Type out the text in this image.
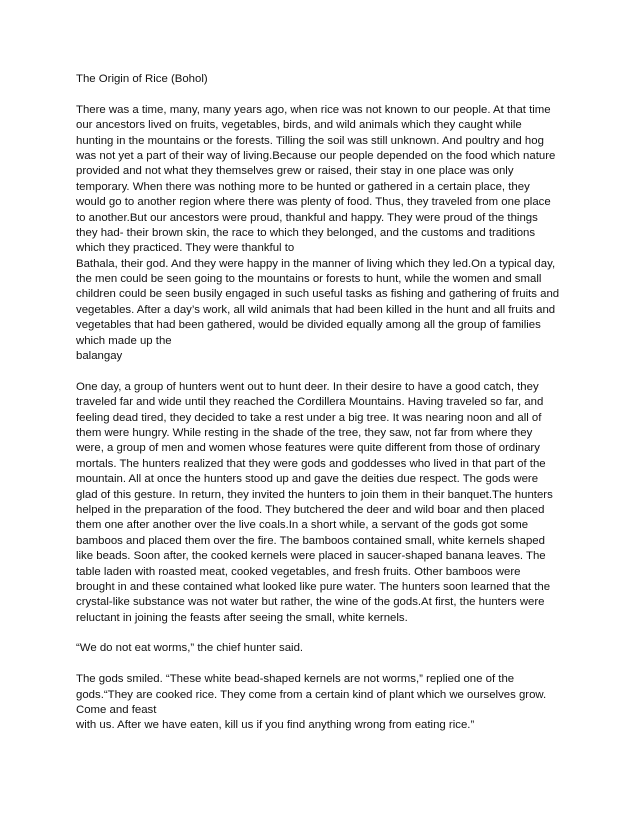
The Origin of Rice (Bohol)
There was a time, many, many years ago, when rice was not known to our people. At that time
our ancestors lived on fruits, vegetables, birds, and wild animals which they caught while
hunting in the mountains or the forests. Tilling the soil was still unknown. And poultry and hog
was not yet a part of their way of living.Because our people depended on the food which nature
provided and not what they themselves grew or raised, their stay in one place was only
temporary. When there was nothing more to be hunted or gathered in a certain place, they
would go to another region where there was plenty of food. Thus, they traveled from one place
to another.But our ancestors were proud, thankful and happy. They were proud of the things
they had- their brown skin, the race to which they belonged, and the customs and traditions
which they practiced. They were thankful to
Bathala, their god. And they were happy in the manner of living which they led.On a typical day,
the men could be seen going to the mountains or forests to hunt, while the women and small
children could be seen busily engaged in such useful tasks as fishing and gathering of fruits and
vegetables. After a day’s work, all wild animals that had been killed in the hunt and all fruits and
vegetables that had been gathered, would be divided equally among all the group of families
which made up the
balangay
One day, a group of hunters went out to hunt deer. In their desire to have a good catch, they
traveled far and wide until they reached the Cordillera Mountains. Having traveled so far, and
feeling dead tired, they decided to take a rest under a big tree. It was nearing noon and all of
them were hungry. While resting in the shade of the tree, they saw, not far from where they
were, a group of men and women whose features were quite different from those of ordinary
mortals. The hunters realized that they were gods and goddesses who lived in that part of the
mountain. All at once the hunters stood up and gave the deities due respect. The gods were
glad of this gesture. In return, they invited the hunters to join them in their banquet.The hunters
helped in the preparation of the food. They butchered the deer and wild boar and then placed
them one after another over the live coals.In a short while, a servant of the gods got some
bamboos and placed them over the fire. The bamboos contained small, white kernels shaped
like beads. Soon after, the cooked kernels were placed in saucer-shaped banana leaves. The
table laden with roasted meat, cooked vegetables, and fresh fruits. Other bamboos were
brought in and these contained what looked like pure water. The hunters soon learned that the
crystal-like substance was not water but rather, the wine of the gods.At first, the hunters were
reluctant in joining the feasts after seeing the small, white kernels.
“We do not eat worms,” the chief hunter said.
The gods smiled. “These white bead-shaped kernels are not worms,” replied one of the
gods.“They are cooked rice. They come from a certain kind of plant which we ourselves grow.
Come and feast
with us. After we have eaten, kill us if you find anything wrong from eating rice.”
